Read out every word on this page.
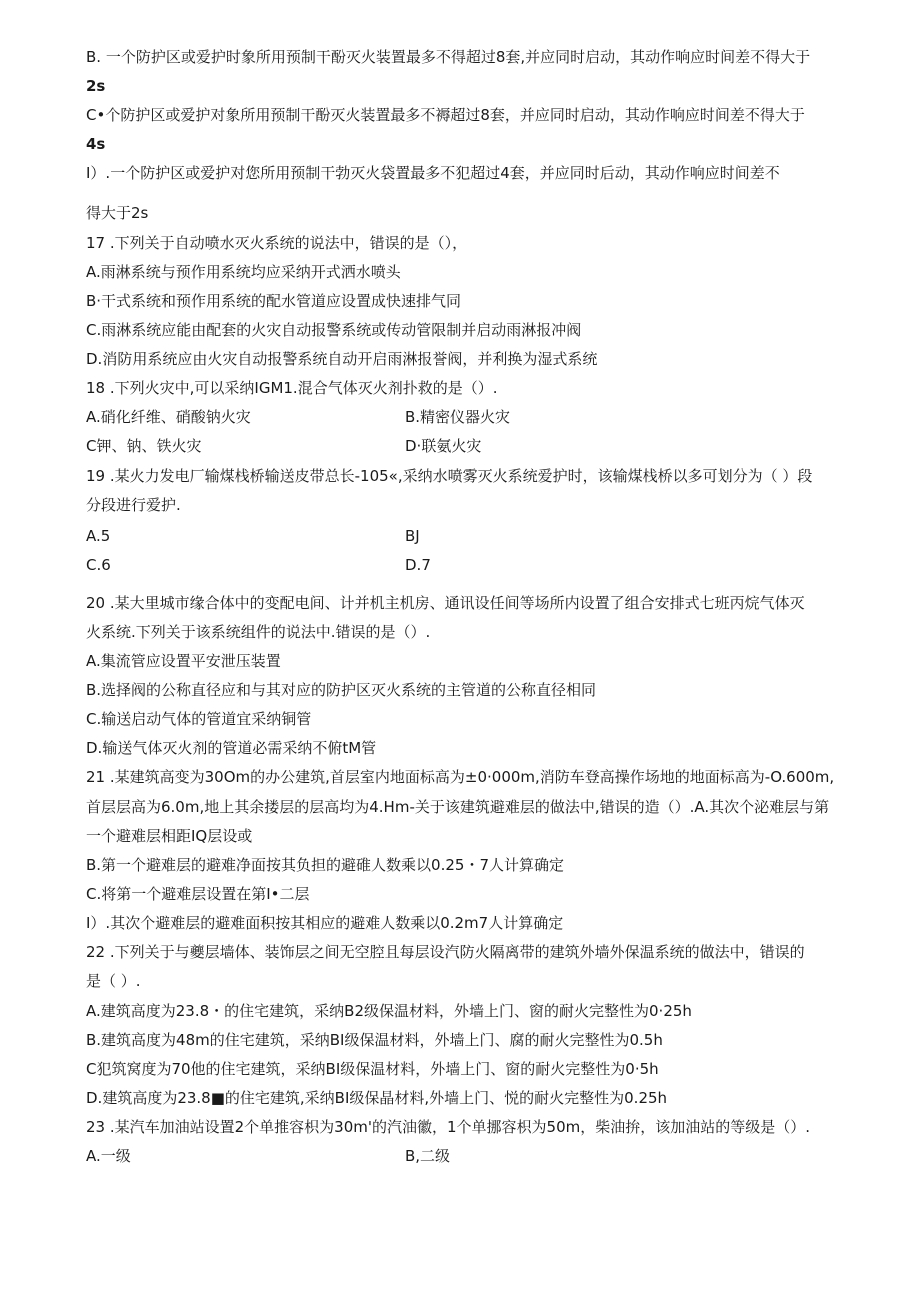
B. 一个防护区或爱护时象所用预制干酚灭火装置最多不得超过8套,并应同时启动，其动作响应时间差不得大于
2s
C•个防护区或爱护对象所用预制干酚灭火装置最多不褥超过8套，并应同时启动，其动作响应时间差不得大于
4s
I）.一个防护区或爱护对您所用预制干勃灭火袋置最多不犯超过4套，并应同时后动，其动作响应时间差不
得大于2s
17 .下列关于自动喷水灭火系统的说法中，错误的是（），
A.雨淋系统与预作用系统均应采纳开式洒水喷头
B·干式系统和预作用系统的配水管道应设置成快速排气同
C.雨淋系统应能由配套的火灾自动报警系统或传动管限制并启动雨淋报冲阀
D.消防用系统应由火灾自动报警系统自动开启雨淋报誉阀，并利换为湿式系统
18 .下列火灾中,可以采纳IGM1.混合气体灭火剂扑救的是（）.
A.硝化纤维、硝酸钠火灾	B.精密仪器火灾
C钾、钠、铁火灾	D·联氨火灾
19 .某火力发电厂输煤栈桥输送皮带总长-105«,采纳水喷雾灭火系统爱护时，该输煤栈桥以多可划分为（ ）段
分段进行爱护.
A.5	BJ
C.6	D.7
20 .某大里城市缘合体中的变配电间、计并机主机房、通讯设任间等场所内设置了组合安排式七班丙烷气体灭
火系统.下列关于该系统组件的说法中.错误的是（）.
A.集流管应设置平安泄压装置
B.选择阀的公称直径应和与其对应的防护区灭火系统的主管道的公称直径相同
C.输送启动气体的管道宜采纳铜管
D.输送气体灭火剂的管道必需采纳不俯tM管
21 .某建筑高变为30Om的办公建筑,首层室内地面标高为±0·000m,消防车登高操作场地的地面标高为-O.600m,
首层层高为6.0m,地上其余搂层的层高均为4.Hm-关于该建筑避难层的做法中,错误的造（）.A.其次个泌难层与第
一个避难层相距IQ层设或
B.第一个避难层的避难净面按其负担的避碓人数乘以0.25・7人计算确定
C.将第一个避难层设置在第I•二层
I）.其次个避难层的避难面积按其相应的避难人数乘以0.2m7人计算确定
22 .下列关于与夔层墙体、装饰层之间无空腔且每层设汽防火隔离带的建筑外墙外保温系统的做法中，错误的
是（ ）.
A.建筑高度为23.8・的住宅建筑，采纳B2级保温材料，外墙上门、窗的耐火完整性为0·25h
B.建筑高度为48m的住宅建筑，采纳BI级保温材料，外墙上门、腐的耐火完整性为0.5h
C犯筑窝度为70他的住宅建筑，采纳BI级保温材料，外墙上门、窗的耐火完整性为0·5h
D.建筑高度为23.8■的住宅建筑,采纳BI级保晶材料,外墙上门、悦的耐火完整性为0.25h
23 .某汽车加油站设置2个单推容枳为30m'的汽油徽，1个单挪容枳为50m，柴油拚，该加油站的等级是（）.
A.一级	B,二级
